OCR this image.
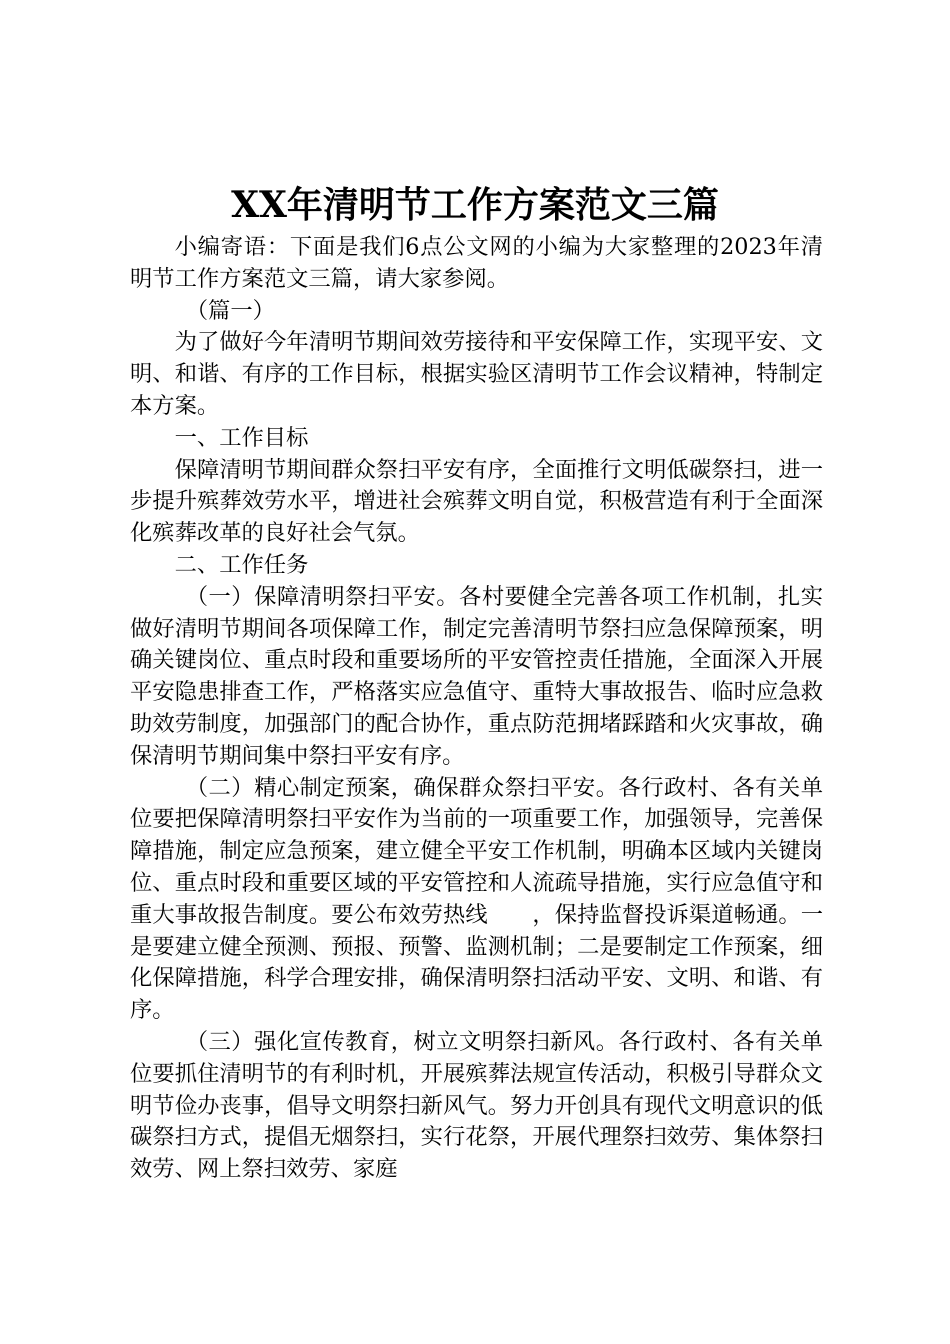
XX年清明节工作方案范文三篇

小编寄语：下面是我们6点公文网的小编为大家整理的2023年清明节工作方案范文三篇，请大家参阅。

（篇一）

为了做好今年清明节期间效劳接待和平安保障工作，实现平安、文明、和谐、有序的工作目标，根据实验区清明节工作会议精神，特制定本方案。

一、工作目标

保障清明节期间群众祭扫平安有序，全面推行文明低碳祭扫，进一步提升殡葬效劳水平，增进社会殡葬文明自觉，积极营造有利于全面深化殡葬改革的良好社会气氛。

二、工作任务

（一）保障清明祭扫平安。各村要健全完善各项工作机制，扎实做好清明节期间各项保障工作，制定完善清明节祭扫应急保障预案，明确关键岗位、重点时段和重要场所的平安管控责任措施，全面深入开展平安隐患排查工作，严格落实应急值守、重特大事故报告、临时应急救助效劳制度，加强部门的配合协作，重点防范拥堵踩踏和火灾事故，确保清明节期间集中祭扫平安有序。

（二）精心制定预案，确保群众祭扫平安。各行政村、各有关单位要把保障清明祭扫平安作为当前的一项重要工作，加强领导，完善保障措施，制定应急预案，建立健全平安工作机制，明确本区域内关键岗位、重点时段和重要区域的平安管控和人流疏导措施，实行应急值守和重大事故报告制度。要公布效劳热线　　，保持监督投诉渠道畅通。一是要建立健全预测、预报、预警、监测机制；二是要制定工作预案，细化保障措施，科学合理安排，确保清明祭扫活动平安、文明、和谐、有序。

（三）强化宣传教育，树立文明祭扫新风。各行政村、各有关单位要抓住清明节的有利时机，开展殡葬法规宣传活动，积极引导群众文明节俭办丧事，倡导文明祭扫新风气。努力开创具有现代文明意识的低碳祭扫方式，提倡无烟祭扫，实行花祭，开展代理祭扫效劳、集体祭扫效劳、网上祭扫效劳、家庭
